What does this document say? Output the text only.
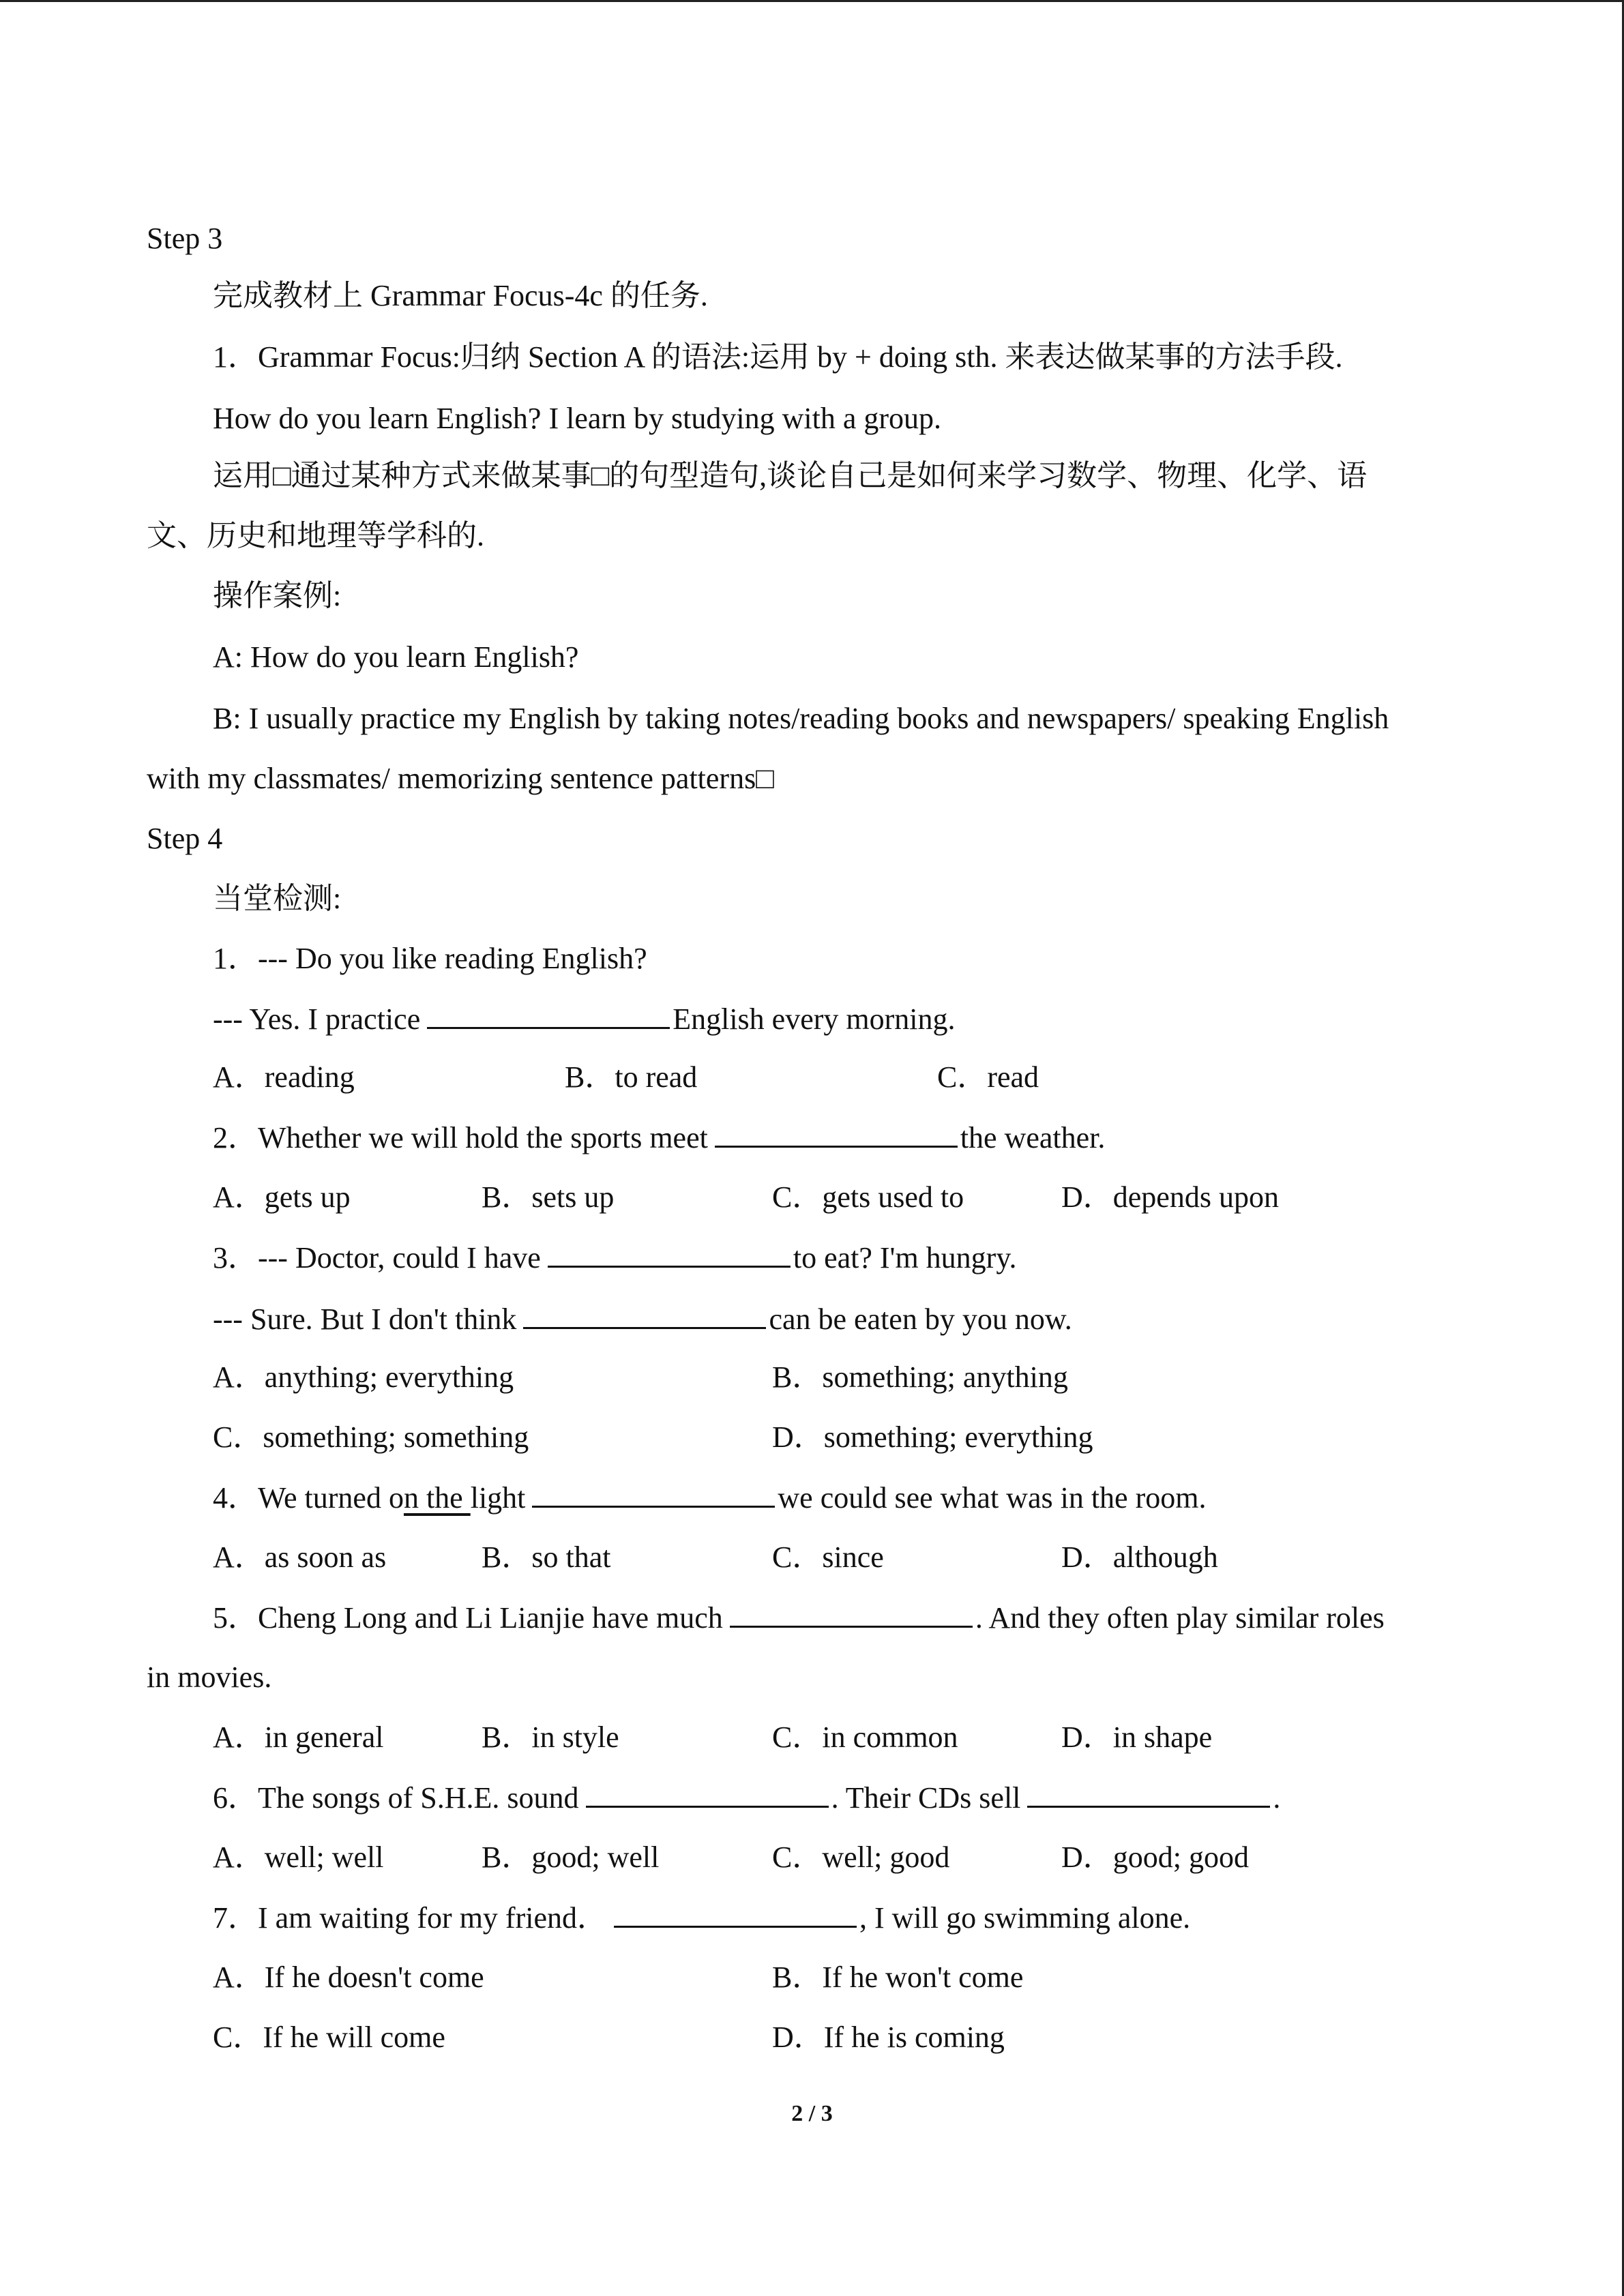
Step 3
完成教材上 Grammar Focus-4c 的任务.
1．Grammar Focus:归纳 Section A 的语法:运用 by + doing sth. 来表达做某事的方法手段.
How do you learn English? I learn by studying with a group.
运用□通过某种方式来做某事□的句型造句,谈论自己是如何来学习数学、物理、化学、语
文、历史和地理等学科的.
操作案例:
A: How do you learn English?
B: I usually practice my English by taking notes/reading books and newspapers/ speaking English
with my classmates/ memorizing sentence patterns□
Step 4
当堂检测:
1．--- Do you like reading English?
--- Yes. I practice	English every morning.
A．reading	B．to read	C．read
2．Whether we will hold the sports meet	the weather.
A．gets up	B．sets up	C．gets used to	D．depends upon
3．--- Doctor, could I have	to eat? I'm hungry.
--- Sure. But I don't think	can be eaten by you now.
A．anything; everything	B．something; anything
C．something; something	D．something; everything
4．We turned on the light	we could see what was in the room.
A．as soon as	B．so that	C．since	D．although
5．Cheng Long and Li Lianjie have much	. And they often play similar roles
in movies.
A．in general	B．in style	C．in common	D．in shape
6．The songs of S.H.E. sound	. Their CDs sell	.
A．well; well	B．good; well	C．well; good	D．good; good
7．I am waiting for my friend．	, I will go swimming alone.
A．If he doesn't come	B．If he won't come
C．If he will come	D．If he is coming
2 / 3
